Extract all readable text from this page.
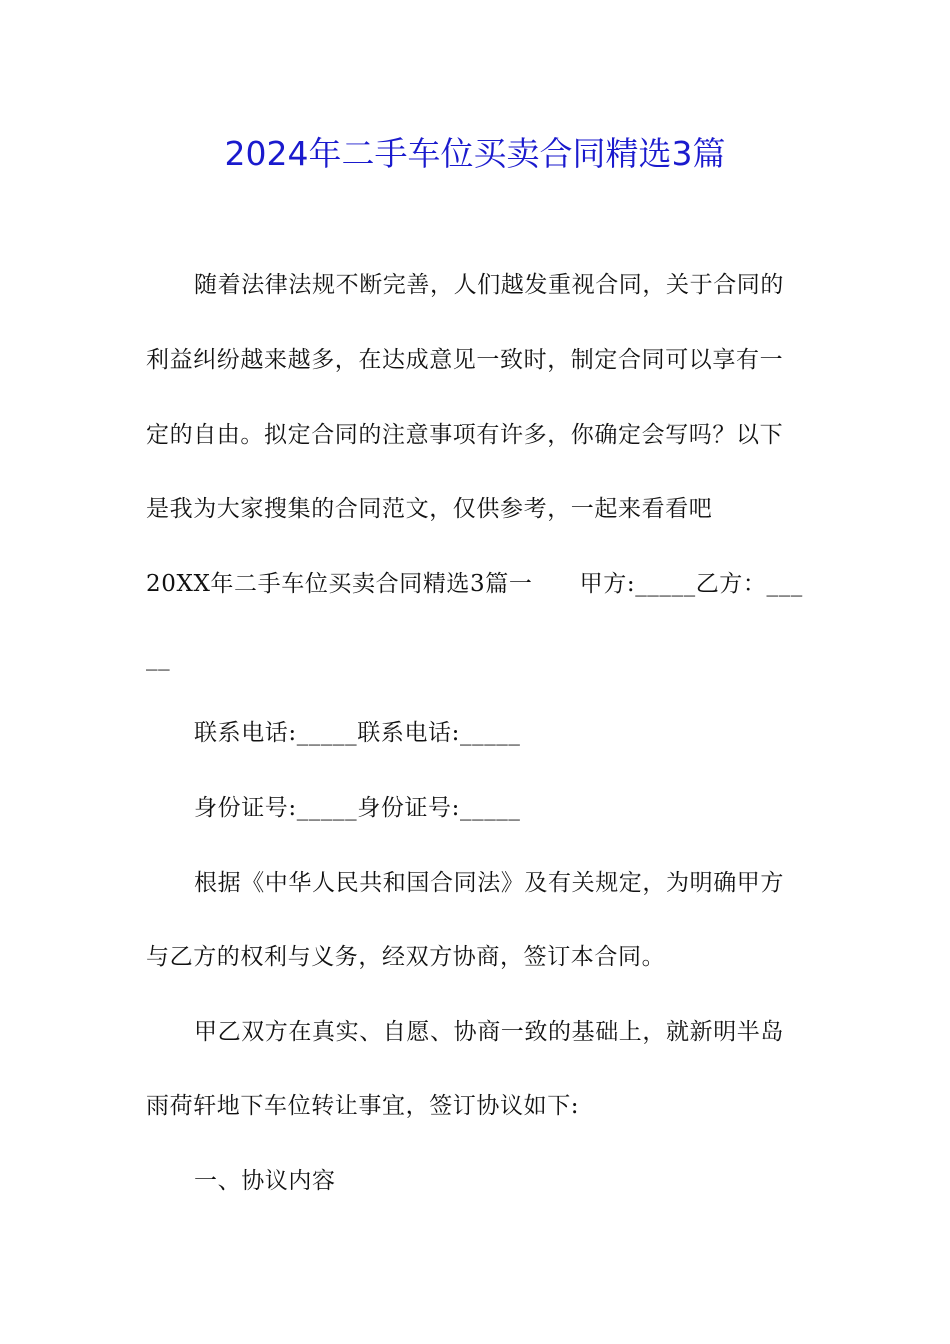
2024年二手车位买卖合同精选3篇
随着法律法规不断完善，人们越发重视合同，关于合同的
利益纠纷越来越多，在达成意见一致时，制定合同可以享有一
定的自由。拟定合同的注意事项有许多，你确定会写吗？以下
是我为大家搜集的合同范文，仅供参考，一起来看看吧
20XX年二手车位买卖合同精选3篇一　　甲方:_____乙方：___
__
联系电话:_____联系电话:_____
身份证号:_____身份证号:_____
根据《中华人民共和国合同法》及有关规定，为明确甲方
与乙方的权利与义务，经双方协商，签订本合同。
甲乙双方在真实、自愿、协商一致的基础上，就新明半岛
雨荷轩地下车位转让事宜，签订协议如下:
一、协议内容
